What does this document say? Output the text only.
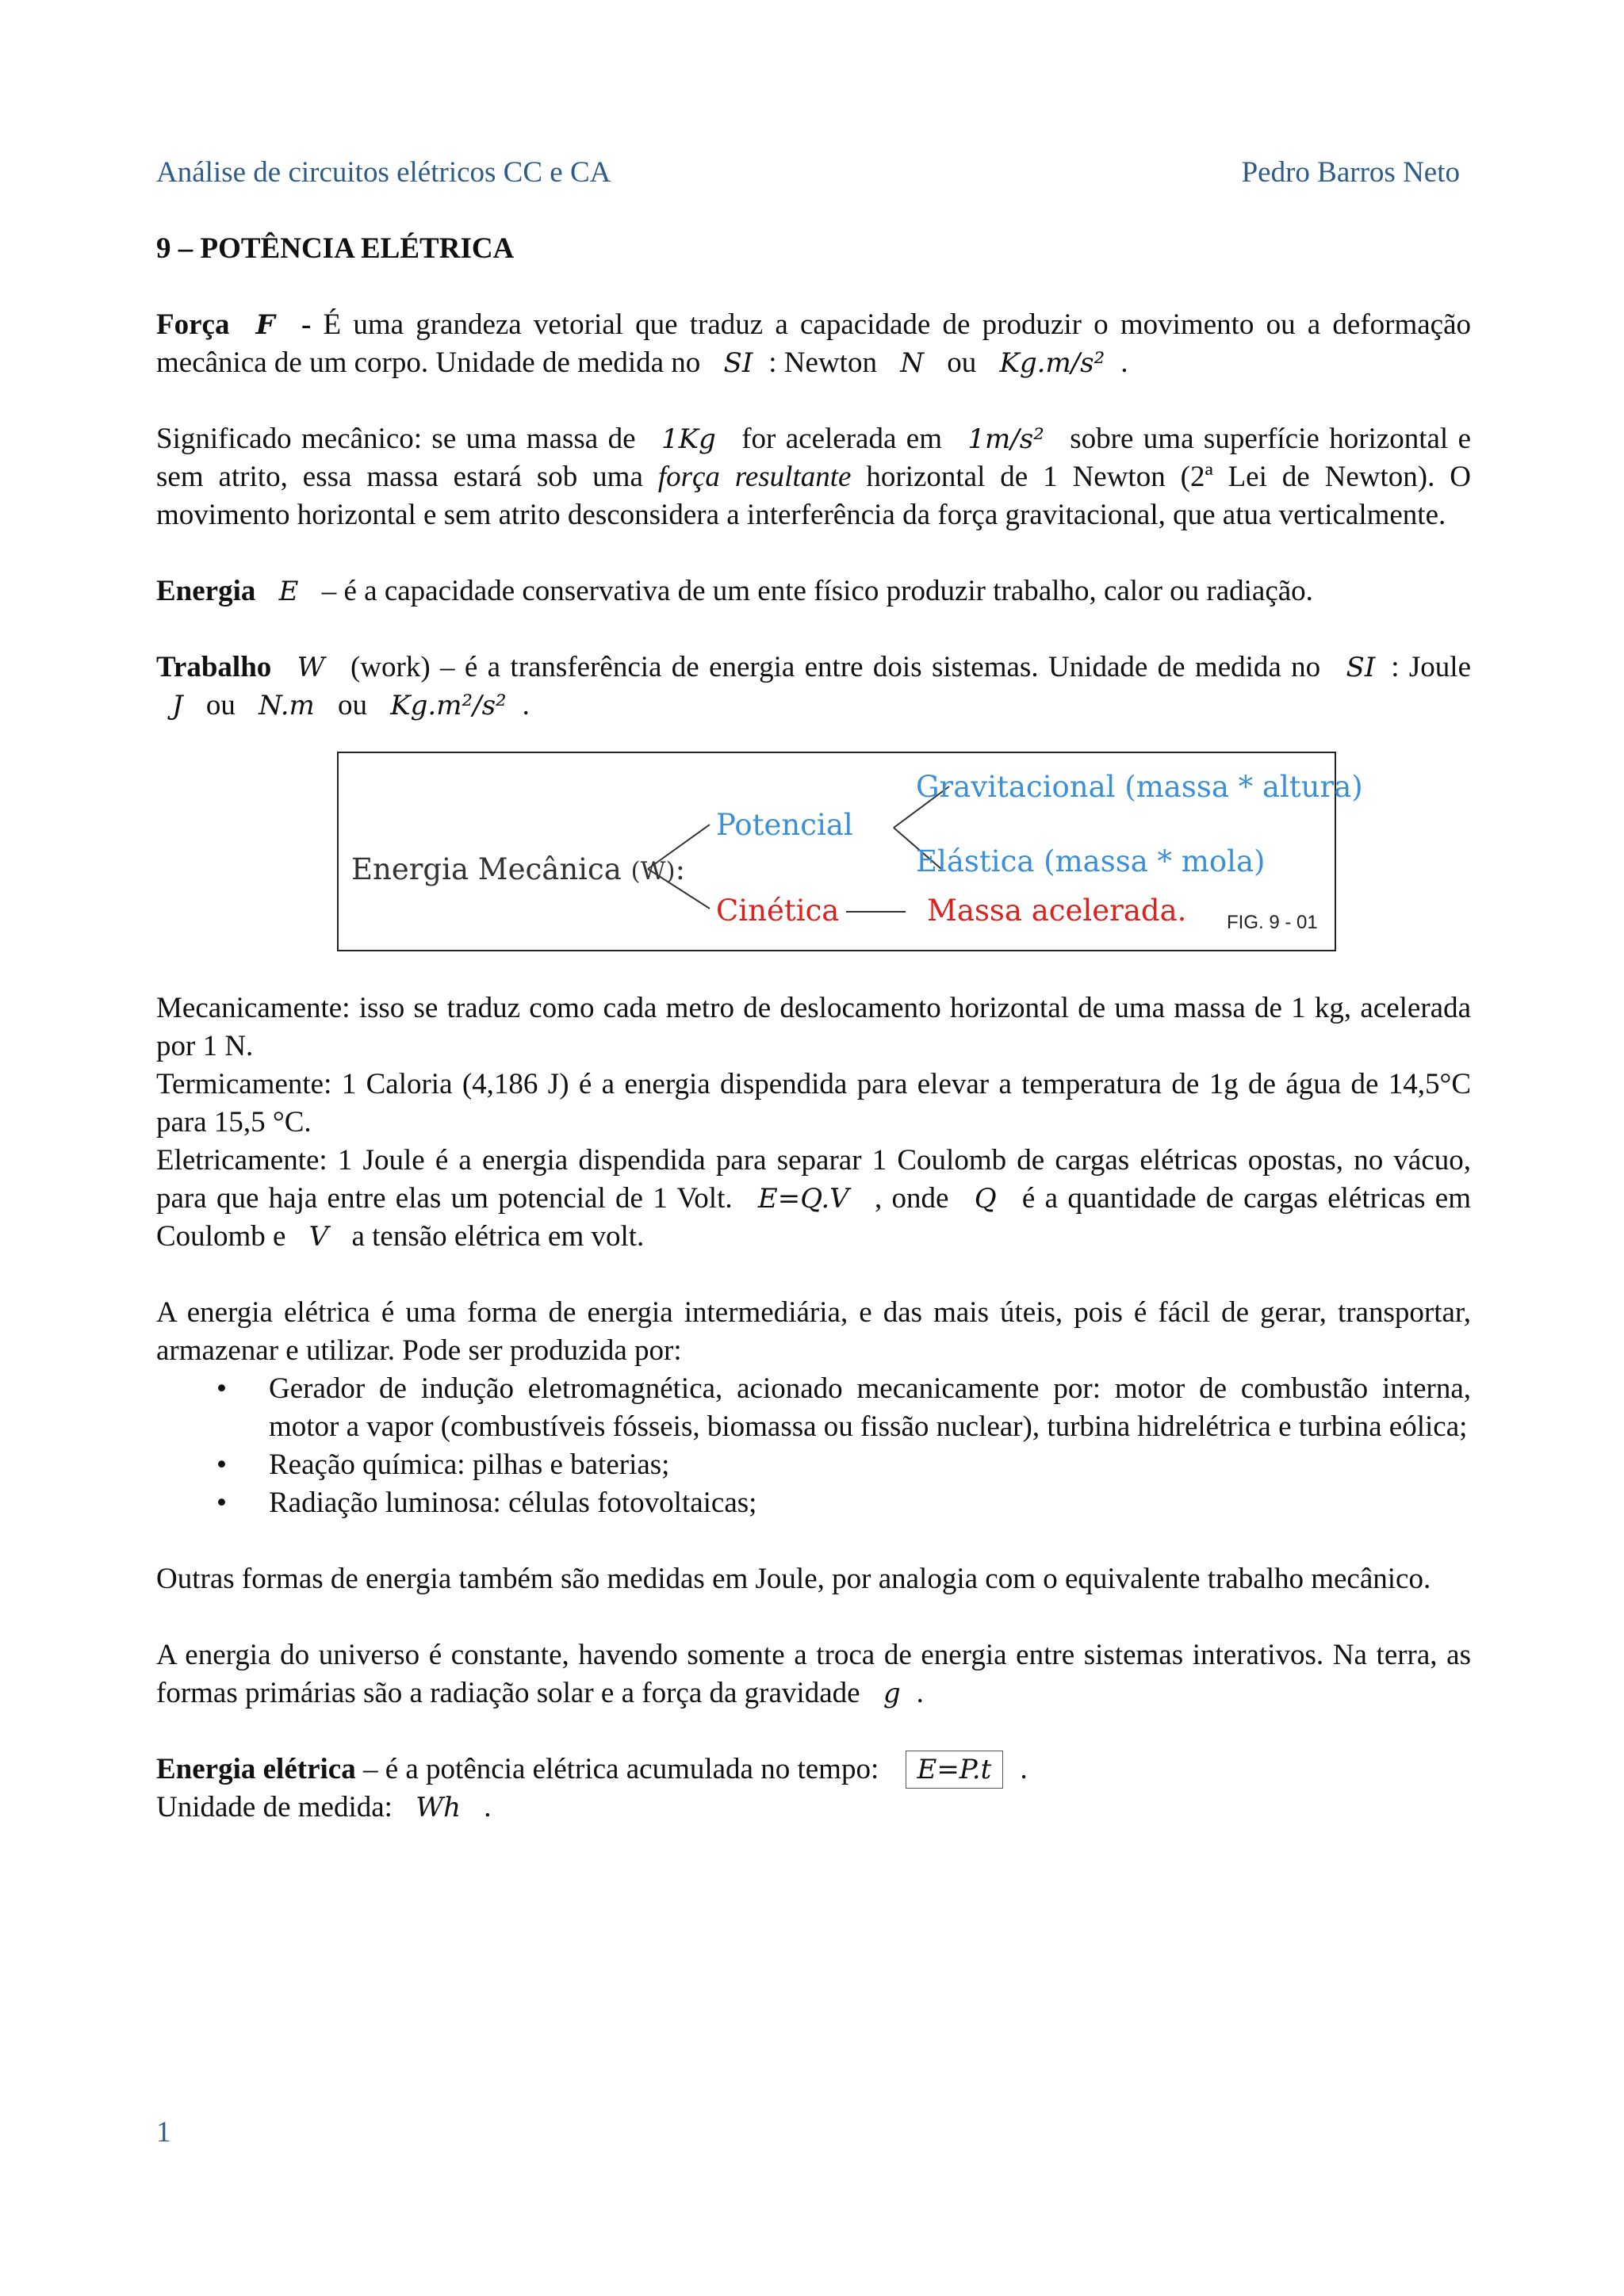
Análise de circuitos elétricos CC e CA	Pedro Barros Neto
9 – POTÊNCIA ELÉTRICA

Força F - É uma grandeza vetorial que traduz a capacidade de produzir o movimento ou a deformação mecânica de um corpo. Unidade de medida no SI : Newton N ou Kg.m/s² .

Significado mecânico: se uma massa de 1Kg for acelerada em 1m/s² sobre uma superfície horizontal e sem atrito, essa massa estará sob uma força resultante horizontal de 1 Newton (2ª Lei de Newton). O movimento horizontal e sem atrito desconsidera a interferência da força gravitacional, que atua verticalmente.

Energia E – é a capacidade conservativa de um ente físico produzir trabalho, calor ou radiação.

Trabalho W (work) – é a transferência de energia entre dois sistemas. Unidade de medida no SI : Joule J ou N.m ou Kg.m²/s² .

Energia Mecânica (W):
Potencial
Cinética
Gravitacional (massa * altura)
Elástica (massa * mola)
Massa acelerada. FIG. 9 - 01

Mecanicamente: isso se traduz como cada metro de deslocamento horizontal de uma massa de 1 kg, acelerada por 1 N.

Termicamente: 1 Caloria (4,186 J) é a energia dispendida para elevar a temperatura de 1g de água de 14,5°C para 15,5 °C.

Eletricamente: 1 Joule é a energia dispendida para separar 1 Coulomb de cargas elétricas opostas, no vácuo, para que haja entre elas um potencial de 1 Volt. E=Q.V , onde Q é a quantidade de cargas elétricas em Coulomb e V a tensão elétrica em volt.

A energia elétrica é uma forma de energia intermediária, e das mais úteis, pois é fácil de gerar, transportar, armazenar e utilizar. Pode ser produzida por:

• Gerador de indução eletromagnética, acionado mecanicamente por: motor de combustão interna, motor a vapor (combustíveis fósseis, biomassa ou fissão nuclear), turbina hidrelétrica e turbina eólica;
• Reação química: pilhas e baterias;
• Radiação luminosa: células fotovoltaicas;

Outras formas de energia também são medidas em Joule, por analogia com o equivalente trabalho mecânico.

A energia do universo é constante, havendo somente a troca de energia entre sistemas interativos. Na terra, as formas primárias são a radiação solar e a força da gravidade g .

Energia elétrica – é a potência elétrica acumulada no tempo: E=P.t .

Unidade de medida: Wh .

1
